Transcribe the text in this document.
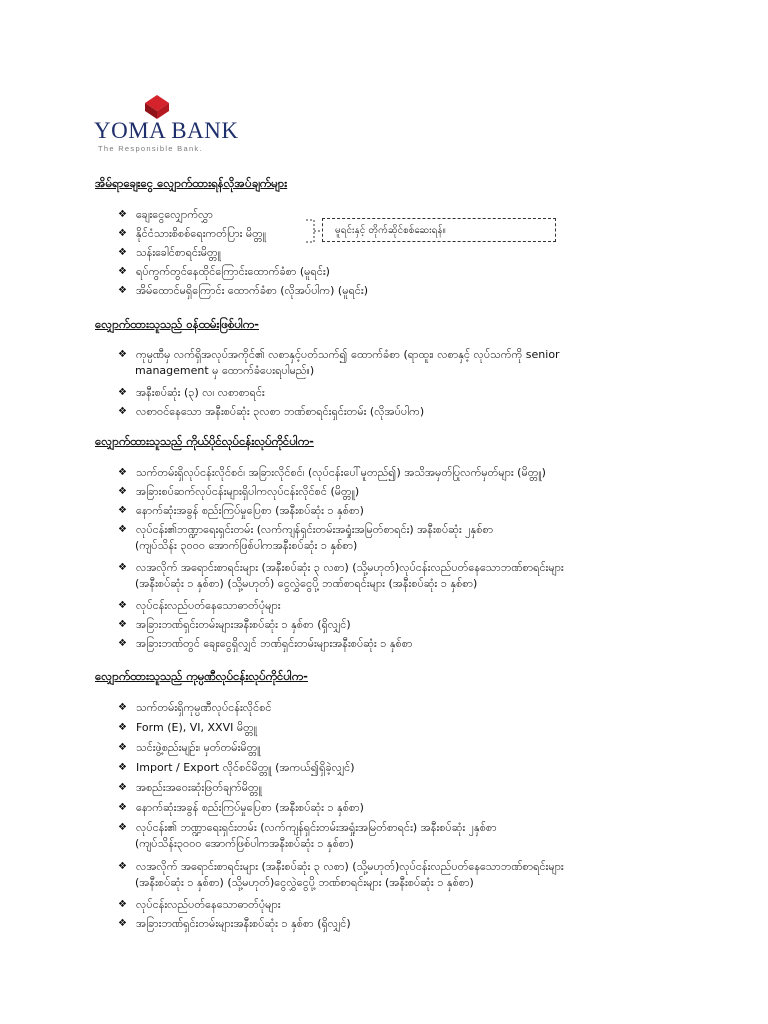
YOMA BANK
The Responsible Bank.
အိမ်ရာချေးငွေ လျှောက်ထားရန်လိုအပ်ချက်များ
❖ ချေးငွေလျှောက်လွှာ
❖ နိုင်ငံသားစိစစ်ရေးကတ်ပြား မိတ္တူ
❖ သန်းခေါင်စာရင်းမိတ္တူ
❖ ရပ်ကွက်တွင်နေထိုင်ကြောင်းထောက်ခံစာ (မူရင်း)
❖ အိမ်ထောင်မရှိကြောင်း ထောက်ခံစာ (လိုအပ်ပါက) (မူရင်း)
မူရင်းနှင့် တိုက်ဆိုင်စစ်ဆေးရန်။
လျှောက်ထားသူသည် ဝန်ထမ်းဖြစ်ပါက-
❖ ကုမ္ပဏီမှ လက်ရှိအလုပ်အကိုင်၏ လစာနှင့်ပတ်သက်၍ ထောက်ခံစာ (ရာထူး၊ လစာနှင့် လုပ်သက်ကို senior
management မှ ထောက်ခံပေးရပါမည်။)
❖ အနီးစပ်ဆုံး (၃) လ၊ လစာစာရင်း
❖ လစာဝင်နေသော အနီးစပ်ဆုံး ၃လစာ ဘဏ်စာရင်းရှင်းတမ်း (လိုအပ်ပါက)
လျှောက်ထားသူသည် ကိုယ်ပိုင်လုပ်ငန်းလုပ်ကိုင်ပါက-
❖ သက်တမ်းရှိလုပ်ငန်းလိုင်စင်၊ အခြားလိုင်စင်၊ (လုပ်ငန်းပေါ်မူတည်၍) အသိအမှတ်ပြုလက်မှတ်များ (မိတ္တူ)
❖ အခြားစပ်ဆက်လုပ်ငန်းများရှိပါကလုပ်ငန်းလိုင်စင် (မိတ္တူ)
❖ နောက်ဆုံးအခွန် စည်းကြပ်မှုပြေစာ (အနီးစပ်ဆုံး ၁ နှစ်စာ)
❖ လုပ်ငန်း၏ဘဏ္ဍာရေးရှင်းတမ်း (လက်ကျန်ရှင်းတမ်းအရှုံးအမြတ်စာရင်း) အနီးစပ်ဆုံး ၂နှစ်စာ
(ကျပ်သိန်း ၃၀၀၀ အောက်ဖြစ်ပါကအနီးစပ်ဆုံး ၁ နှစ်စာ)
❖ လအလိုက် အရောင်းစာရင်းများ (အနီးစပ်ဆုံး ၃ လစာ) (သို့မဟုတ်)လုပ်ငန်းလည်ပတ်နေသောဘဏ်စာရင်းများ
(အနီးစပ်ဆုံး ၁ နှစ်စာ) (သို့မဟုတ်) ငွေလွှဲငွေပို့ ဘဏ်စာရင်းများ (အနီးစပ်ဆုံး ၁ နှစ်စာ)
❖ လုပ်ငန်းလည်ပတ်နေသောဓာတ်ပုံများ
❖ အခြားဘဏ်ရှင်းတမ်းများအနီးစပ်ဆုံး ၁ နှစ်စာ (ရှိလျှင်)
❖ အခြားဘဏ်တွင် ချေးငွေရှိလျှင် ဘဏ်ရှင်းတမ်းများအနီးစပ်ဆုံး ၁ နှစ်စာ
လျှောက်ထားသူသည် ကုမ္ပဏီလုပ်ငန်းလုပ်ကိုင်ပါက-
❖ သက်တမ်းရှိကုမ္ပဏီလုပ်ငန်းလိုင်စင်
❖ Form (E), VI, XXVI မိတ္တူ
❖ သင်းဖွဲ့စည်းမျဉ်း၊ မှတ်တမ်းမိတ္တူ
❖ Import / Export လိုင်စင်မိတ္တူ (အကယ်၍ရှိခဲ့လျှင်)
❖ အစည်းအဝေးဆုံးဖြတ်ချက်မိတ္တူ
❖ နောက်ဆုံးအခွန် စည်းကြပ်မှုပြေစာ (အနီးစပ်ဆုံး ၁ နှစ်စာ)
❖ လုပ်ငန်း၏ ဘဏ္ဍာရေးရှင်းတမ်း (လက်ကျန်ရှင်းတမ်းအရှုံးအမြတ်စာရင်း) အနီးစပ်ဆုံး ၂နှစ်စာ
(ကျပ်သိန်း၃၀၀၀ အောက်ဖြစ်ပါကအနီးစပ်ဆုံး ၁ နှစ်စာ)
❖ လအလိုက် အရောင်းစာရင်းများ (အနီးစပ်ဆုံး ၃ လစာ) (သို့မဟုတ်)လုပ်ငန်းလည်ပတ်နေသောဘဏ်စာရင်းများ
(အနီးစပ်ဆုံး ၁ နှစ်စာ) (သို့မဟုတ်)ငွေလွှဲငွေပို့ ဘဏ်စာရင်းများ (အနီးစပ်ဆုံး ၁ နှစ်စာ)
❖ လုပ်ငန်းလည်ပတ်နေသောဓာတ်ပုံများ
❖ အခြားဘဏ်ရှင်းတမ်းများအနီးစပ်ဆုံး ၁ နှစ်စာ (ရှိလျှင်)
